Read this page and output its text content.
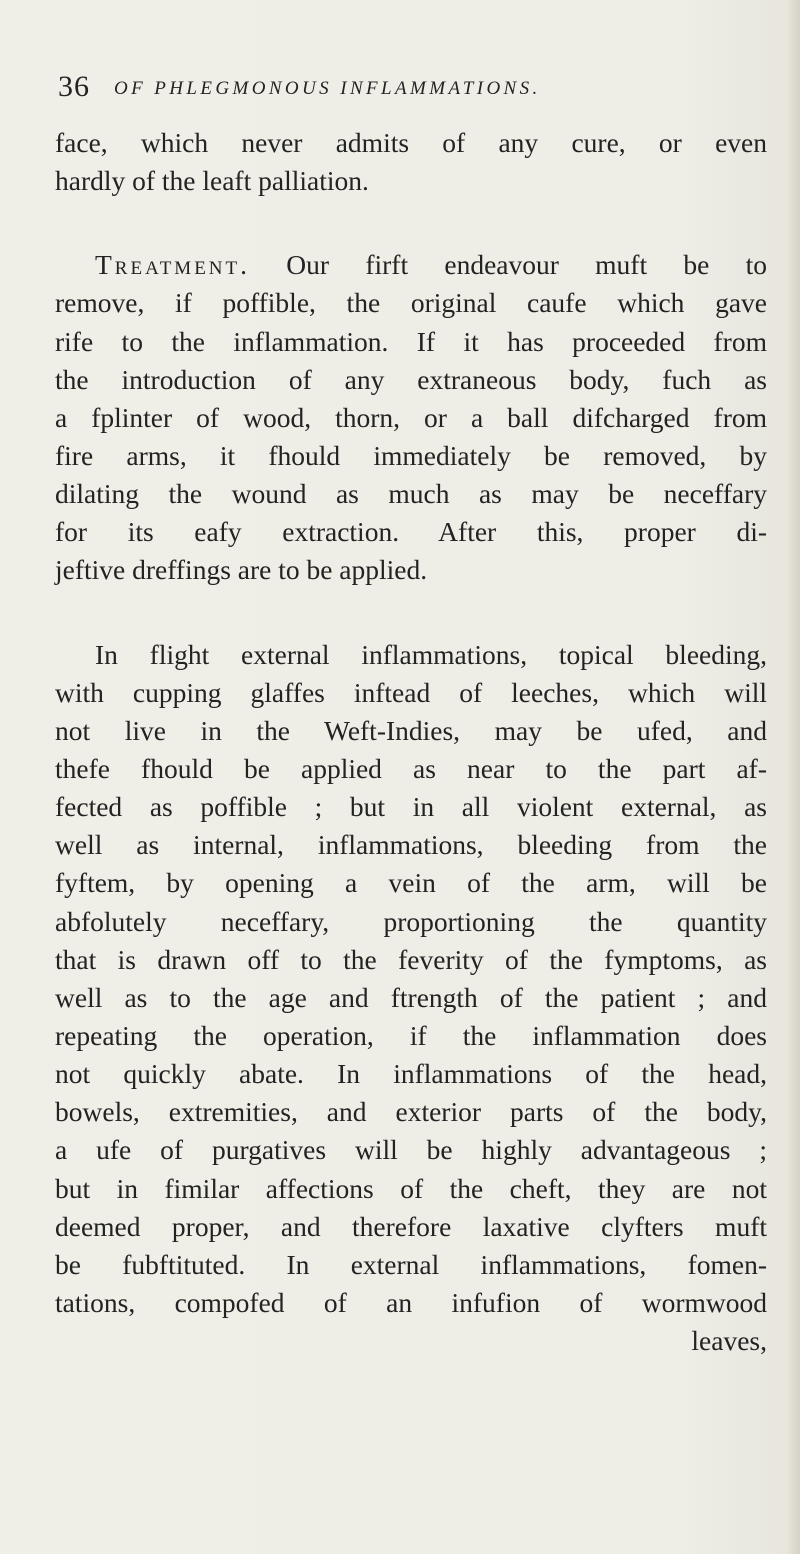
36 OF PHLEGMONOUS INFLAMMATIONS.
face, which never admits of any cure, or even
hardly of the leaft palliation.
Treatment. Our firft endeavour muft be to
remove, if poffible, the original caufe which gave
rife to the inflammation. If it has proceeded from
the introduction of any extraneous body, fuch as
a fplinter of wood, thorn, or a ball difcharged from
fire arms, it fhould immediately be removed, by
dilating the wound as much as may be neceffary
for its eafy extraction. After this, proper di-
jeftive dreffings are to be applied.
In flight external inflammations, topical bleeding,
with cupping glaffes inftead of leeches, which will
not live in the Weft-Indies, may be ufed, and
thefe fhould be applied as near to the part af-
fected as poffible ; but in all violent external, as
well as internal, inflammations, bleeding from the
fyftem, by opening a vein of the arm, will be
abfolutely neceffary, proportioning the quantity
that is drawn off to the feverity of the fymptoms, as
well as to the age and ftrength of the patient ; and
repeating the operation, if the inflammation does
not quickly abate. In inflammations of the head,
bowels, extremities, and exterior parts of the body,
a ufe of purgatives will be highly advantageous ;
but in fimilar affections of the cheft, they are not
deemed proper, and therefore laxative clyfters muft
be fubftituted. In external inflammations, fomen-
tations, compofed of an infufion of wormwood
leaves,
